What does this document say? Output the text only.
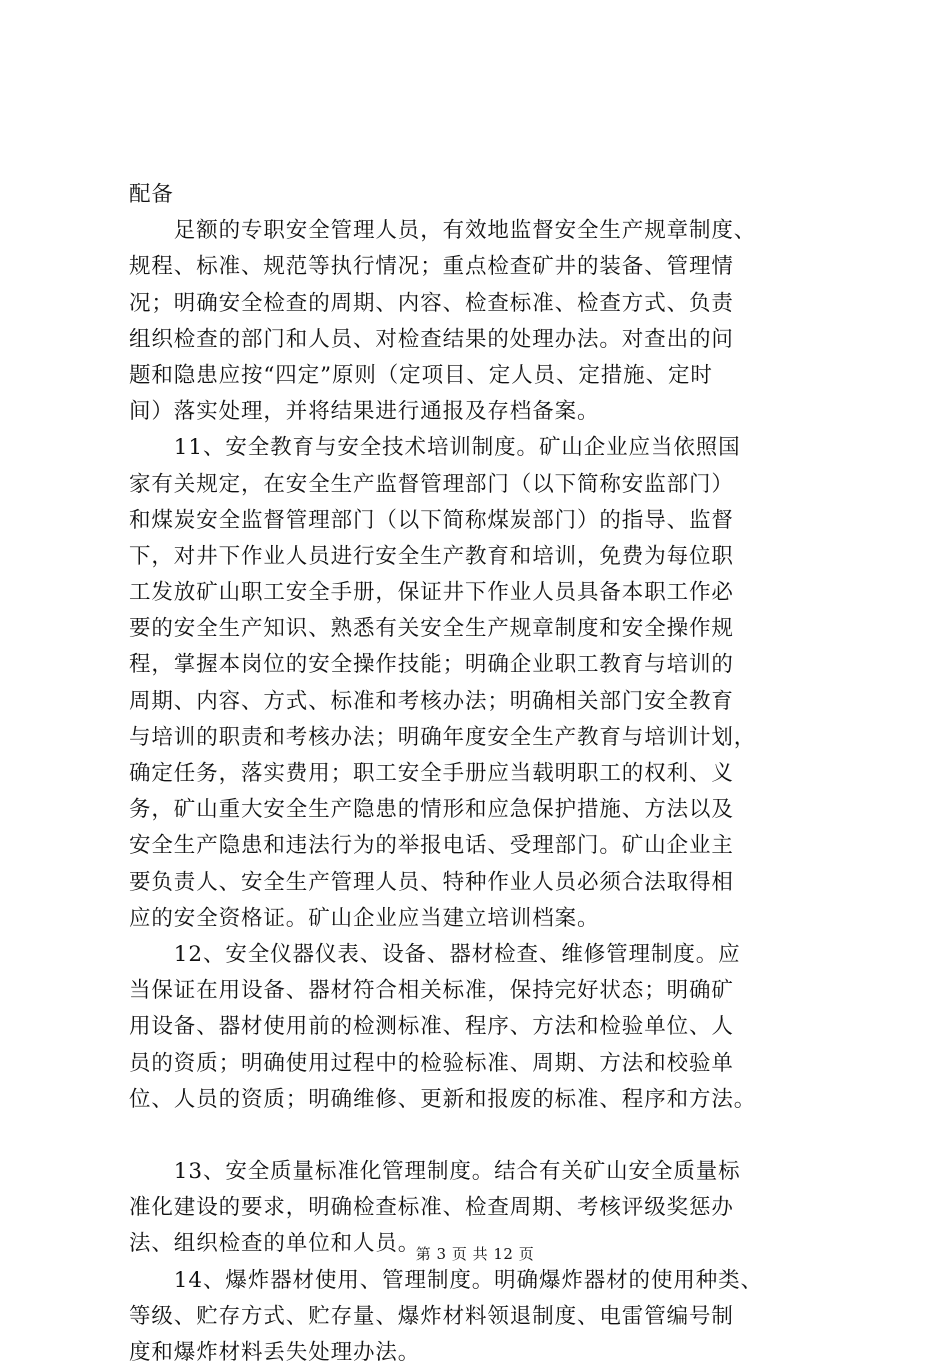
配备
　　足额的专职安全管理人员，有效地监督安全生产规章制度、
规程、标准、规范等执行情况；重点检查矿井的装备、管理情
况；明确安全检查的周期、内容、检查标准、检查方式、负责
组织检查的部门和人员、对检查结果的处理办法。对查出的问
题和隐患应按“四定”原则（定项目、定人员、定措施、定时
间）落实处理，并将结果进行通报及存档备案。
　　11、安全教育与安全技术培训制度。矿山企业应当依照国
家有关规定，在安全生产监督管理部门（以下简称安监部门）
和煤炭安全监督管理部门（以下简称煤炭部门）的指导、监督
下，对井下作业人员进行安全生产教育和培训，免费为每位职
工发放矿山职工安全手册，保证井下作业人员具备本职工作必
要的安全生产知识、熟悉有关安全生产规章制度和安全操作规
程，掌握本岗位的安全操作技能；明确企业职工教育与培训的
周期、内容、方式、标准和考核办法；明确相关部门安全教育
与培训的职责和考核办法；明确年度安全生产教育与培训计划，
确定任务，落实费用；职工安全手册应当载明职工的权利、义
务，矿山重大安全生产隐患的情形和应急保护措施、方法以及
安全生产隐患和违法行为的举报电话、受理部门。矿山企业主
要负责人、安全生产管理人员、特种作业人员必须合法取得相
应的安全资格证。矿山企业应当建立培训档案。
　　12、安全仪器仪表、设备、器材检查、维修管理制度。应
当保证在用设备、器材符合相关标准，保持完好状态；明确矿
用设备、器材使用前的检测标准、程序、方法和检验单位、人
员的资质；明确使用过程中的检验标准、周期、方法和校验单
位、人员的资质；明确维修、更新和报废的标准、程序和方法。
　　13、安全质量标准化管理制度。结合有关矿山安全质量标
准化建设的要求，明确检查标准、检查周期、考核评级奖惩办
法、组织检查的单位和人员。
　　14、爆炸器材使用、管理制度。明确爆炸器材的使用种类、
等级、贮存方式、贮存量、爆炸材料领退制度、电雷管编号制
度和爆炸材料丢失处理办法。
第 3 页 共 12 页
